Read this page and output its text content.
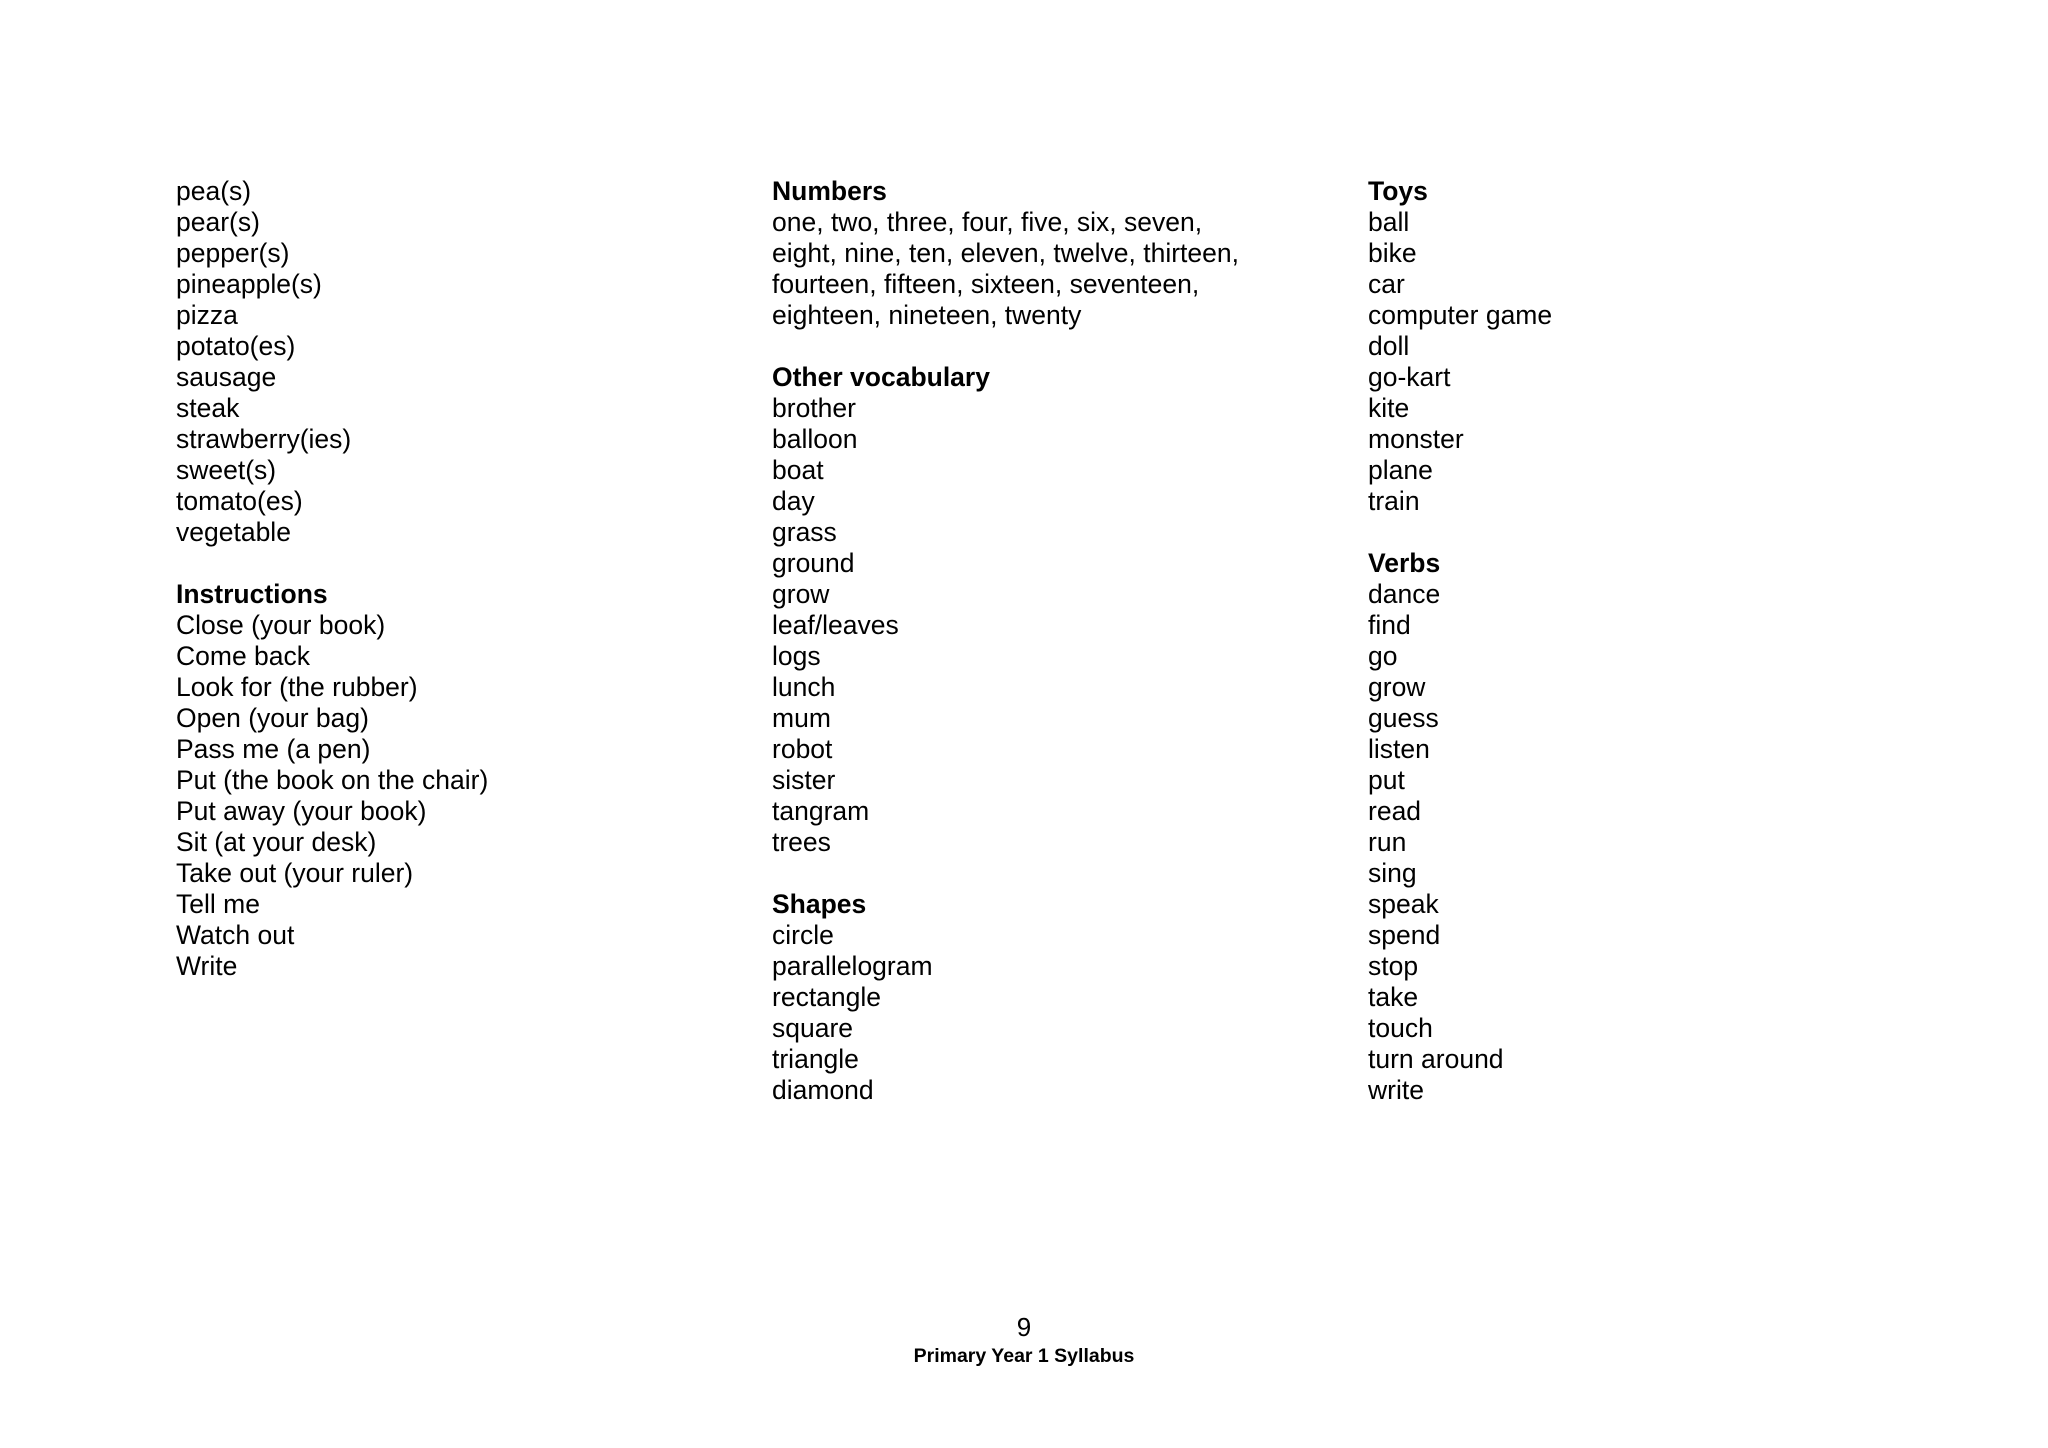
pea(s)
pear(s)
pepper(s)
pineapple(s)
pizza
potato(es)
sausage
steak
strawberry(ies)
sweet(s)
tomato(es)
vegetable
Instructions
Close (your book)
Come back
Look for (the rubber)
Open (your bag)
Pass me (a pen)
Put (the book on the chair)
Put away (your book)
Sit (at your desk)
Take out (your ruler)
Tell me
Watch out
Write
Numbers
one, two, three, four, five, six, seven,
eight, nine, ten, eleven, twelve, thirteen,
fourteen, fifteen, sixteen, seventeen,
eighteen, nineteen, twenty
Other vocabulary
brother
balloon
boat
day
grass
ground
grow
leaf/leaves
logs
lunch
mum
robot
sister
tangram
trees
Shapes
circle
parallelogram
rectangle
square
triangle
diamond
Toys
ball
bike
car
computer game
doll
go-kart
kite
monster
plane
train
Verbs
dance
find
go
grow
guess
listen
put
read
run
sing
speak
spend
stop
take
touch
turn around
write
9
Primary Year 1 Syllabus
